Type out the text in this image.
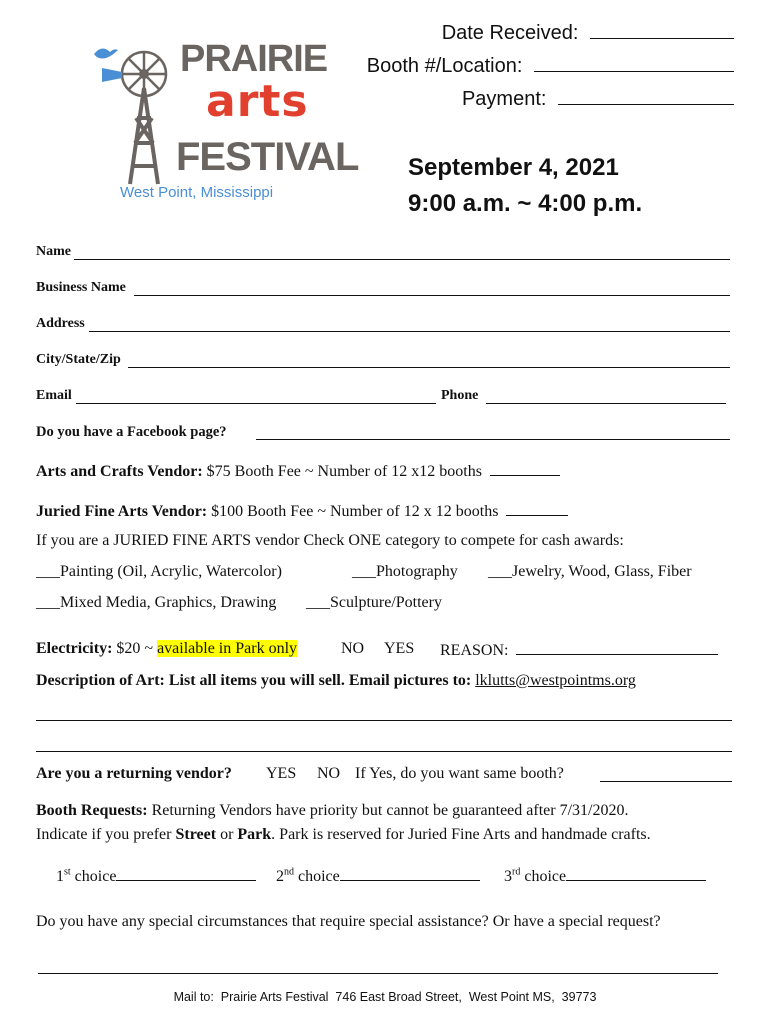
PRAIRIE
arts
FESTIVAL
West Point, Mississippi
Date Received:
Booth #/Location:
Payment:
September 4, 2021
9:00 a.m. ~ 4:00 p.m.
Name
Business Name
Address
City/State/Zip
Email	Phone
Do you have a Facebook page?
Arts and Crafts Vendor: $75 Booth Fee ~ Number of 12 x12 booths
Juried Fine Arts Vendor: $100 Booth Fee ~ Number of 12 x 12 booths
If you are a JURIED FINE ARTS vendor Check ONE category to compete for cash awards:
___Painting (Oil, Acrylic, Watercolor)	___Photography ___Jewelry, Wood, Glass, Fiber
___Mixed Media, Graphics, Drawing ___Sculpture/Pottery
Electricity: $20 ~ available in Park only	NO YES REASON:
Description of Art: List all items you will sell. Email pictures to: lklutts@westpointms.org
Are you a returning vendor? YES NO If Yes, do you want same booth?
Booth Requests: Returning Vendors have priority but cannot be guaranteed after 7/31/2020.
Indicate if you prefer Street or Park. Park is reserved for Juried Fine Arts and handmade crafts.
1st choice	2nd choice	3rd choice
Do you have any special circumstances that require special assistance? Or have a special request?
Mail to:  Prairie Arts Festival  746 East Broad Street,  West Point MS,  39773
